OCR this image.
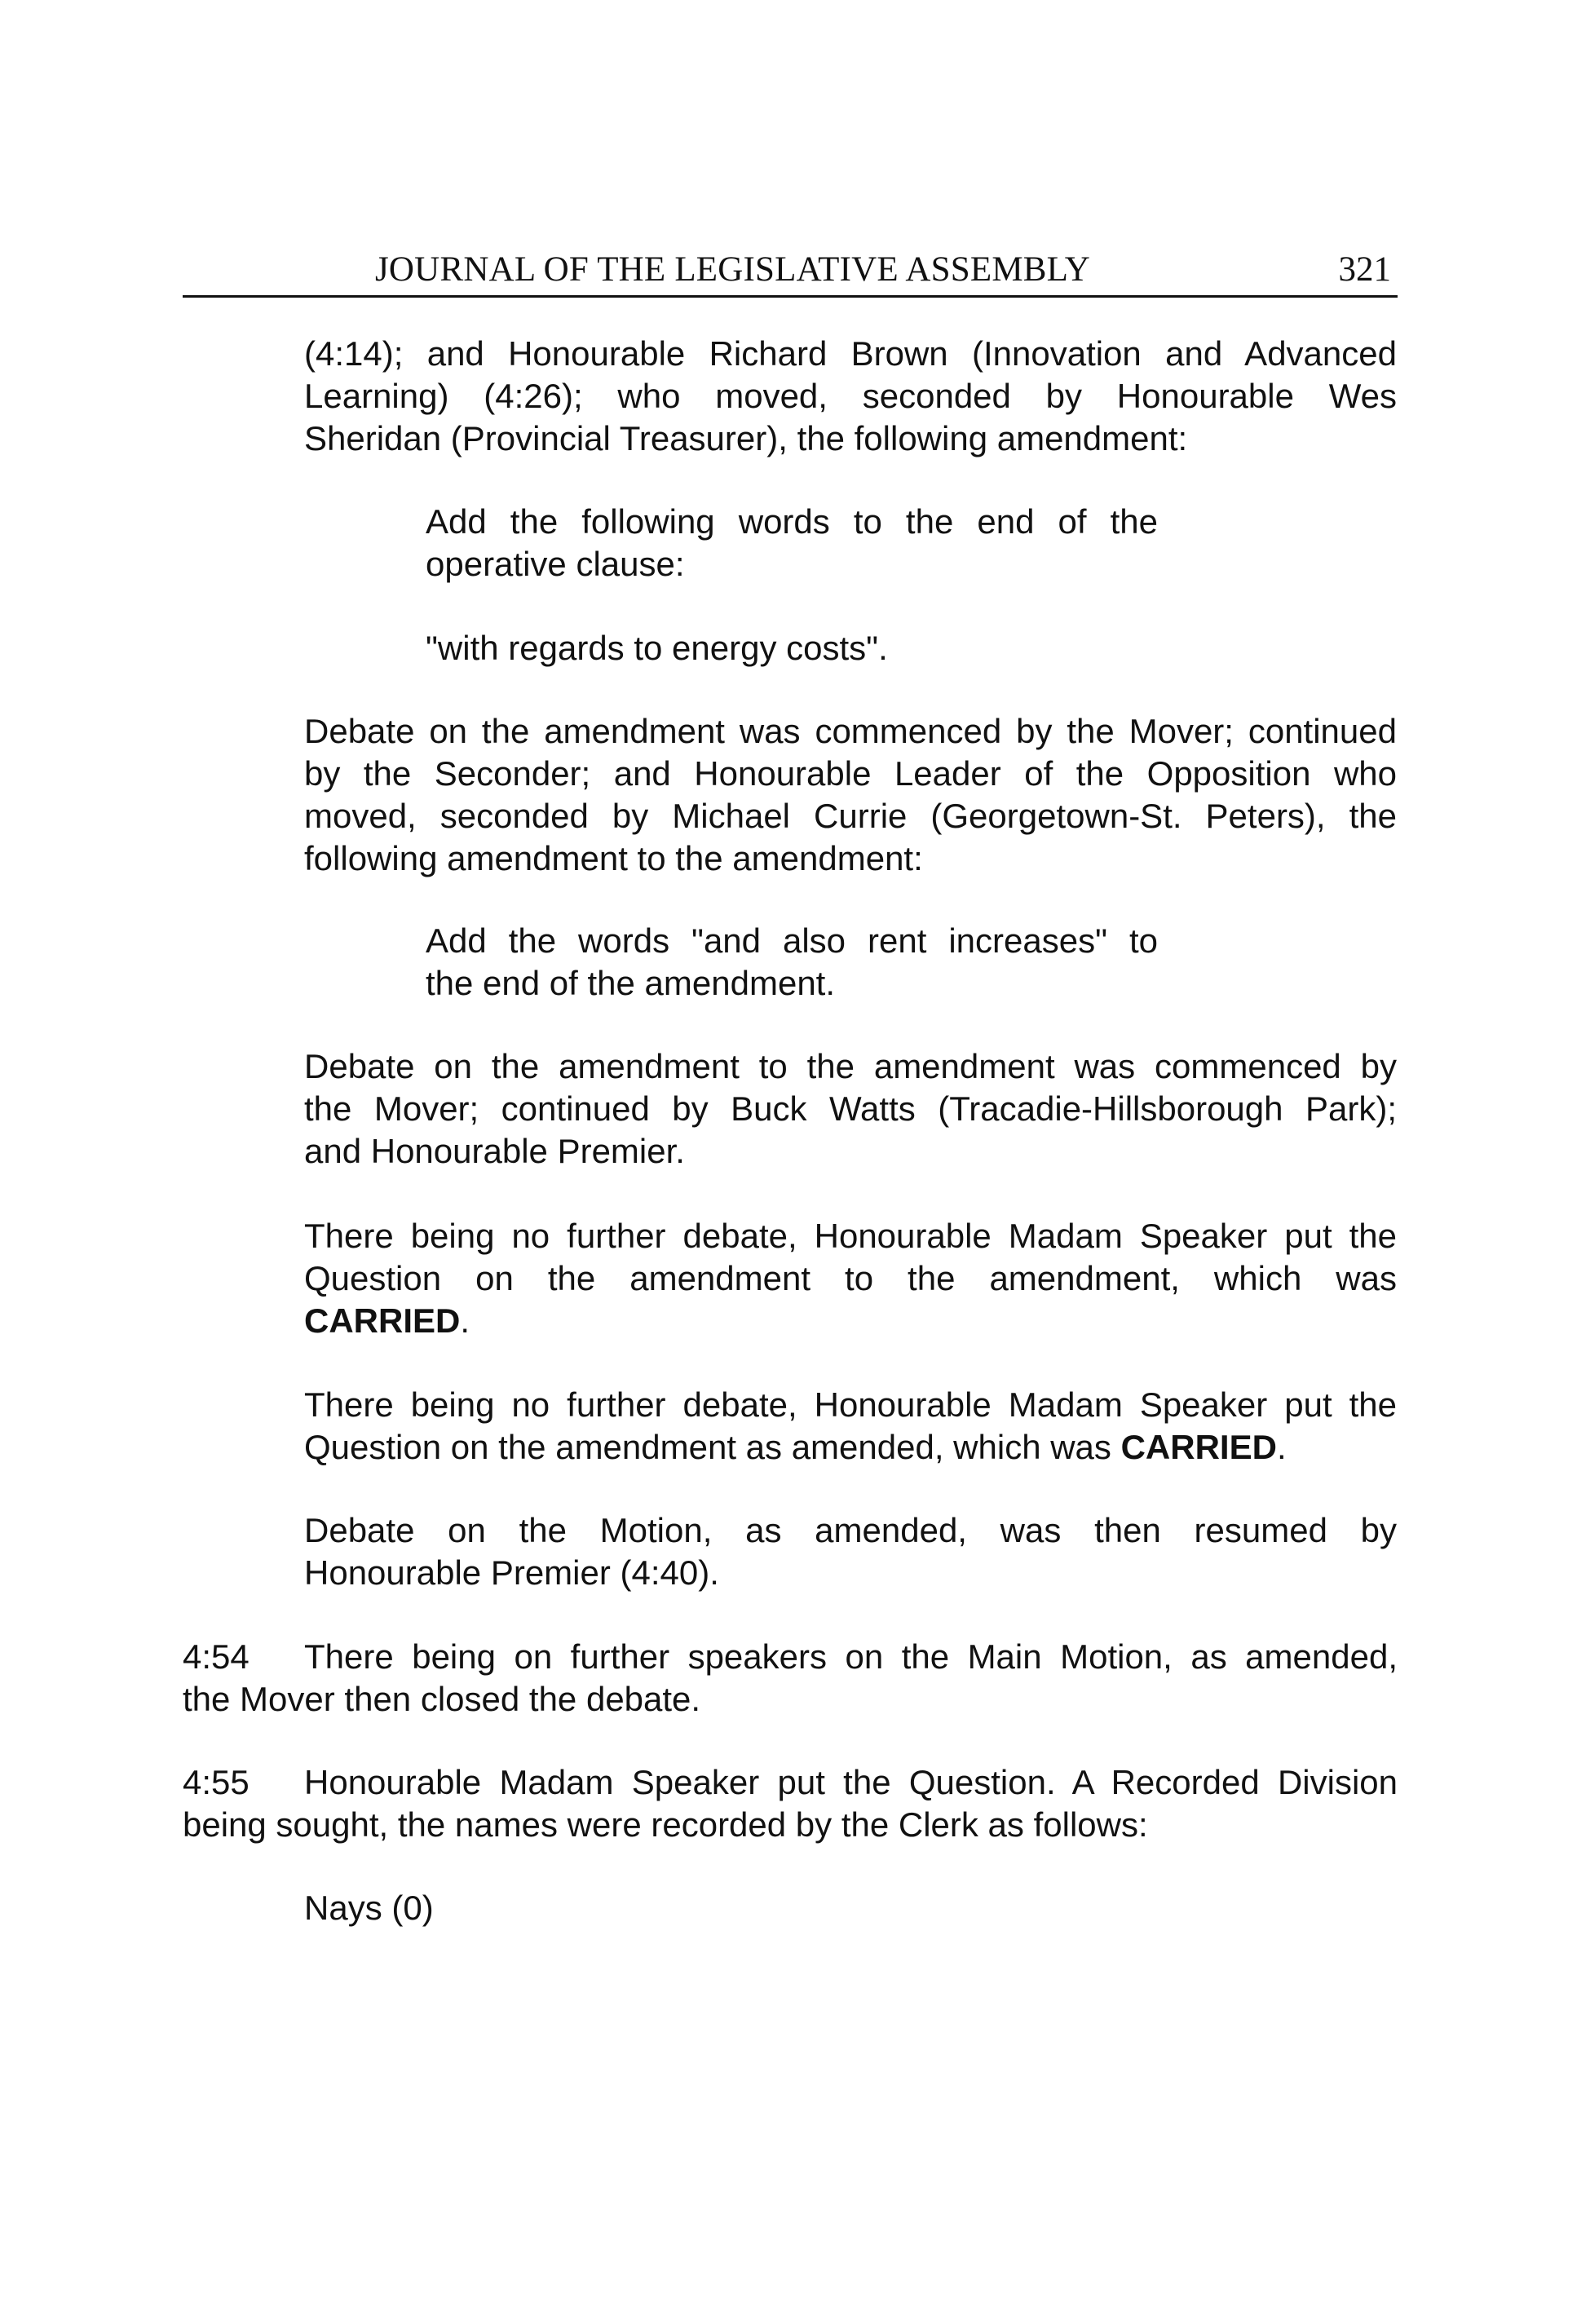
JOURNAL OF THE LEGISLATIVE ASSEMBLY	321

(4:14); and Honourable Richard Brown (Innovation and Advanced

Learning) (4:26); who moved, seconded by Honourable Wes

Sheridan (Provincial Treasurer), the following amendment:

Add the following words to the end of the

operative clause:

"with regards to energy costs".

Debate on the amendment was commenced by the Mover; continued

by the Seconder; and Honourable Leader of the Opposition who

moved, seconded by Michael Currie (Georgetown-St. Peters), the

following amendment to the amendment:

Add the words "and also rent increases" to

the end of the amendment.

Debate on the amendment to the amendment was commenced by

the Mover; continued by Buck Watts (Tracadie-Hillsborough Park);

and Honourable Premier.

There being no further debate, Honourable Madam Speaker put the

Question on the amendment to the amendment, which was

CARRIED.

There being no further debate, Honourable Madam Speaker put the

Question on the amendment as amended, which was CARRIED.

Debate on the Motion, as amended, was then resumed by

Honourable Premier (4:40).

4:54 There being on further speakers on the Main Motion, as amended,

the Mover then closed the debate.

4:55 Honourable Madam Speaker put the Question. A Recorded Division

being sought, the names were recorded by the Clerk as follows:

Nays (0)
